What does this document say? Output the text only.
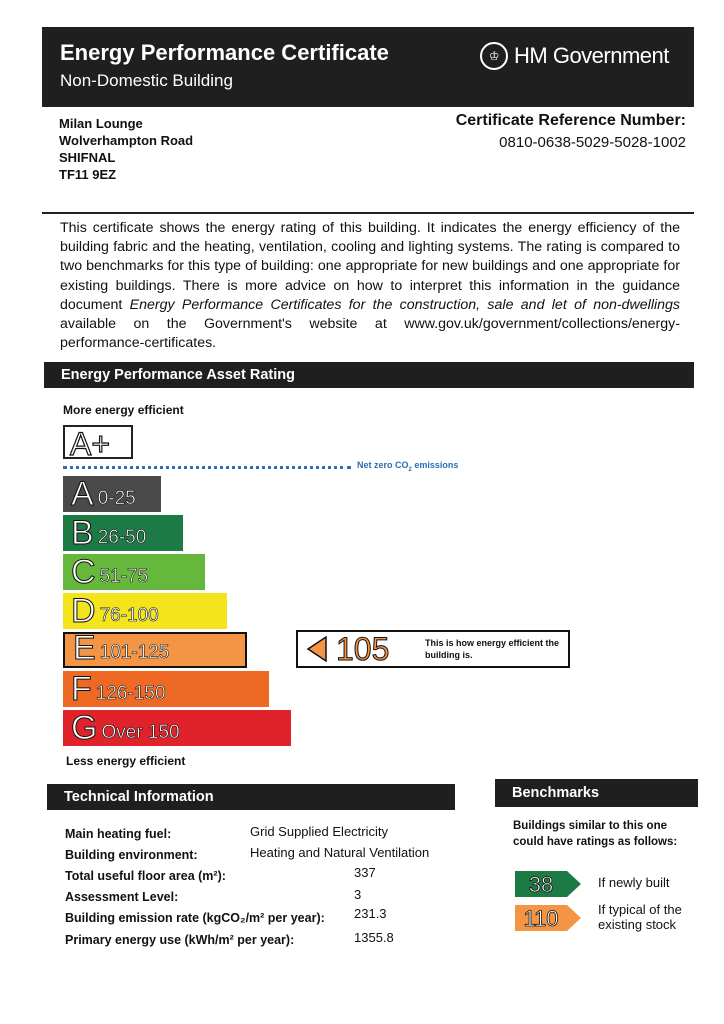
Energy Performance Certificate
Non-Domestic Building
♔ HM Government
Milan Lounge
Wolverhampton Road
SHIFNAL
TF11 9EZ
Certificate Reference Number:
0810-0638-5029-5028-1002
This certificate shows the energy rating of this building. It indicates the energy efficiency of the building fabric and the heating, ventilation, cooling and lighting systems. The rating is compared to two benchmarks for this type of building: one appropriate for new buildings and one appropriate for existing buildings. There is more advice on how to interpret this information in the guidance document Energy Performance Certificates for the construction, sale and let of non-dwellings available on the Government's website at www.gov.uk/government/collections/energy-performance-certificates.
Energy Performance Asset Rating
More energy efficient
A+
Net zero $CO_2$ emissions
A 0-25
B 26-50
C 51-75
D 76-100
E 101-125
F 126-150
G Over 150
105	This is how energy efficient the building is.
Less energy efficient
Technical Information
Main heating fuel:	Grid Supplied Electricity
Building environment:	Heating and Natural Ventilation
Total useful floor area (m²):	337
Assessment Level:	3
Building emission rate (kgCO₂/m² per year): 231.3
Primary energy use (kWh/m² per year):	1355.8
Benchmarks
Buildings similar to this one could have ratings as follows:
38	If newly built
110	If typical of the existing stock
